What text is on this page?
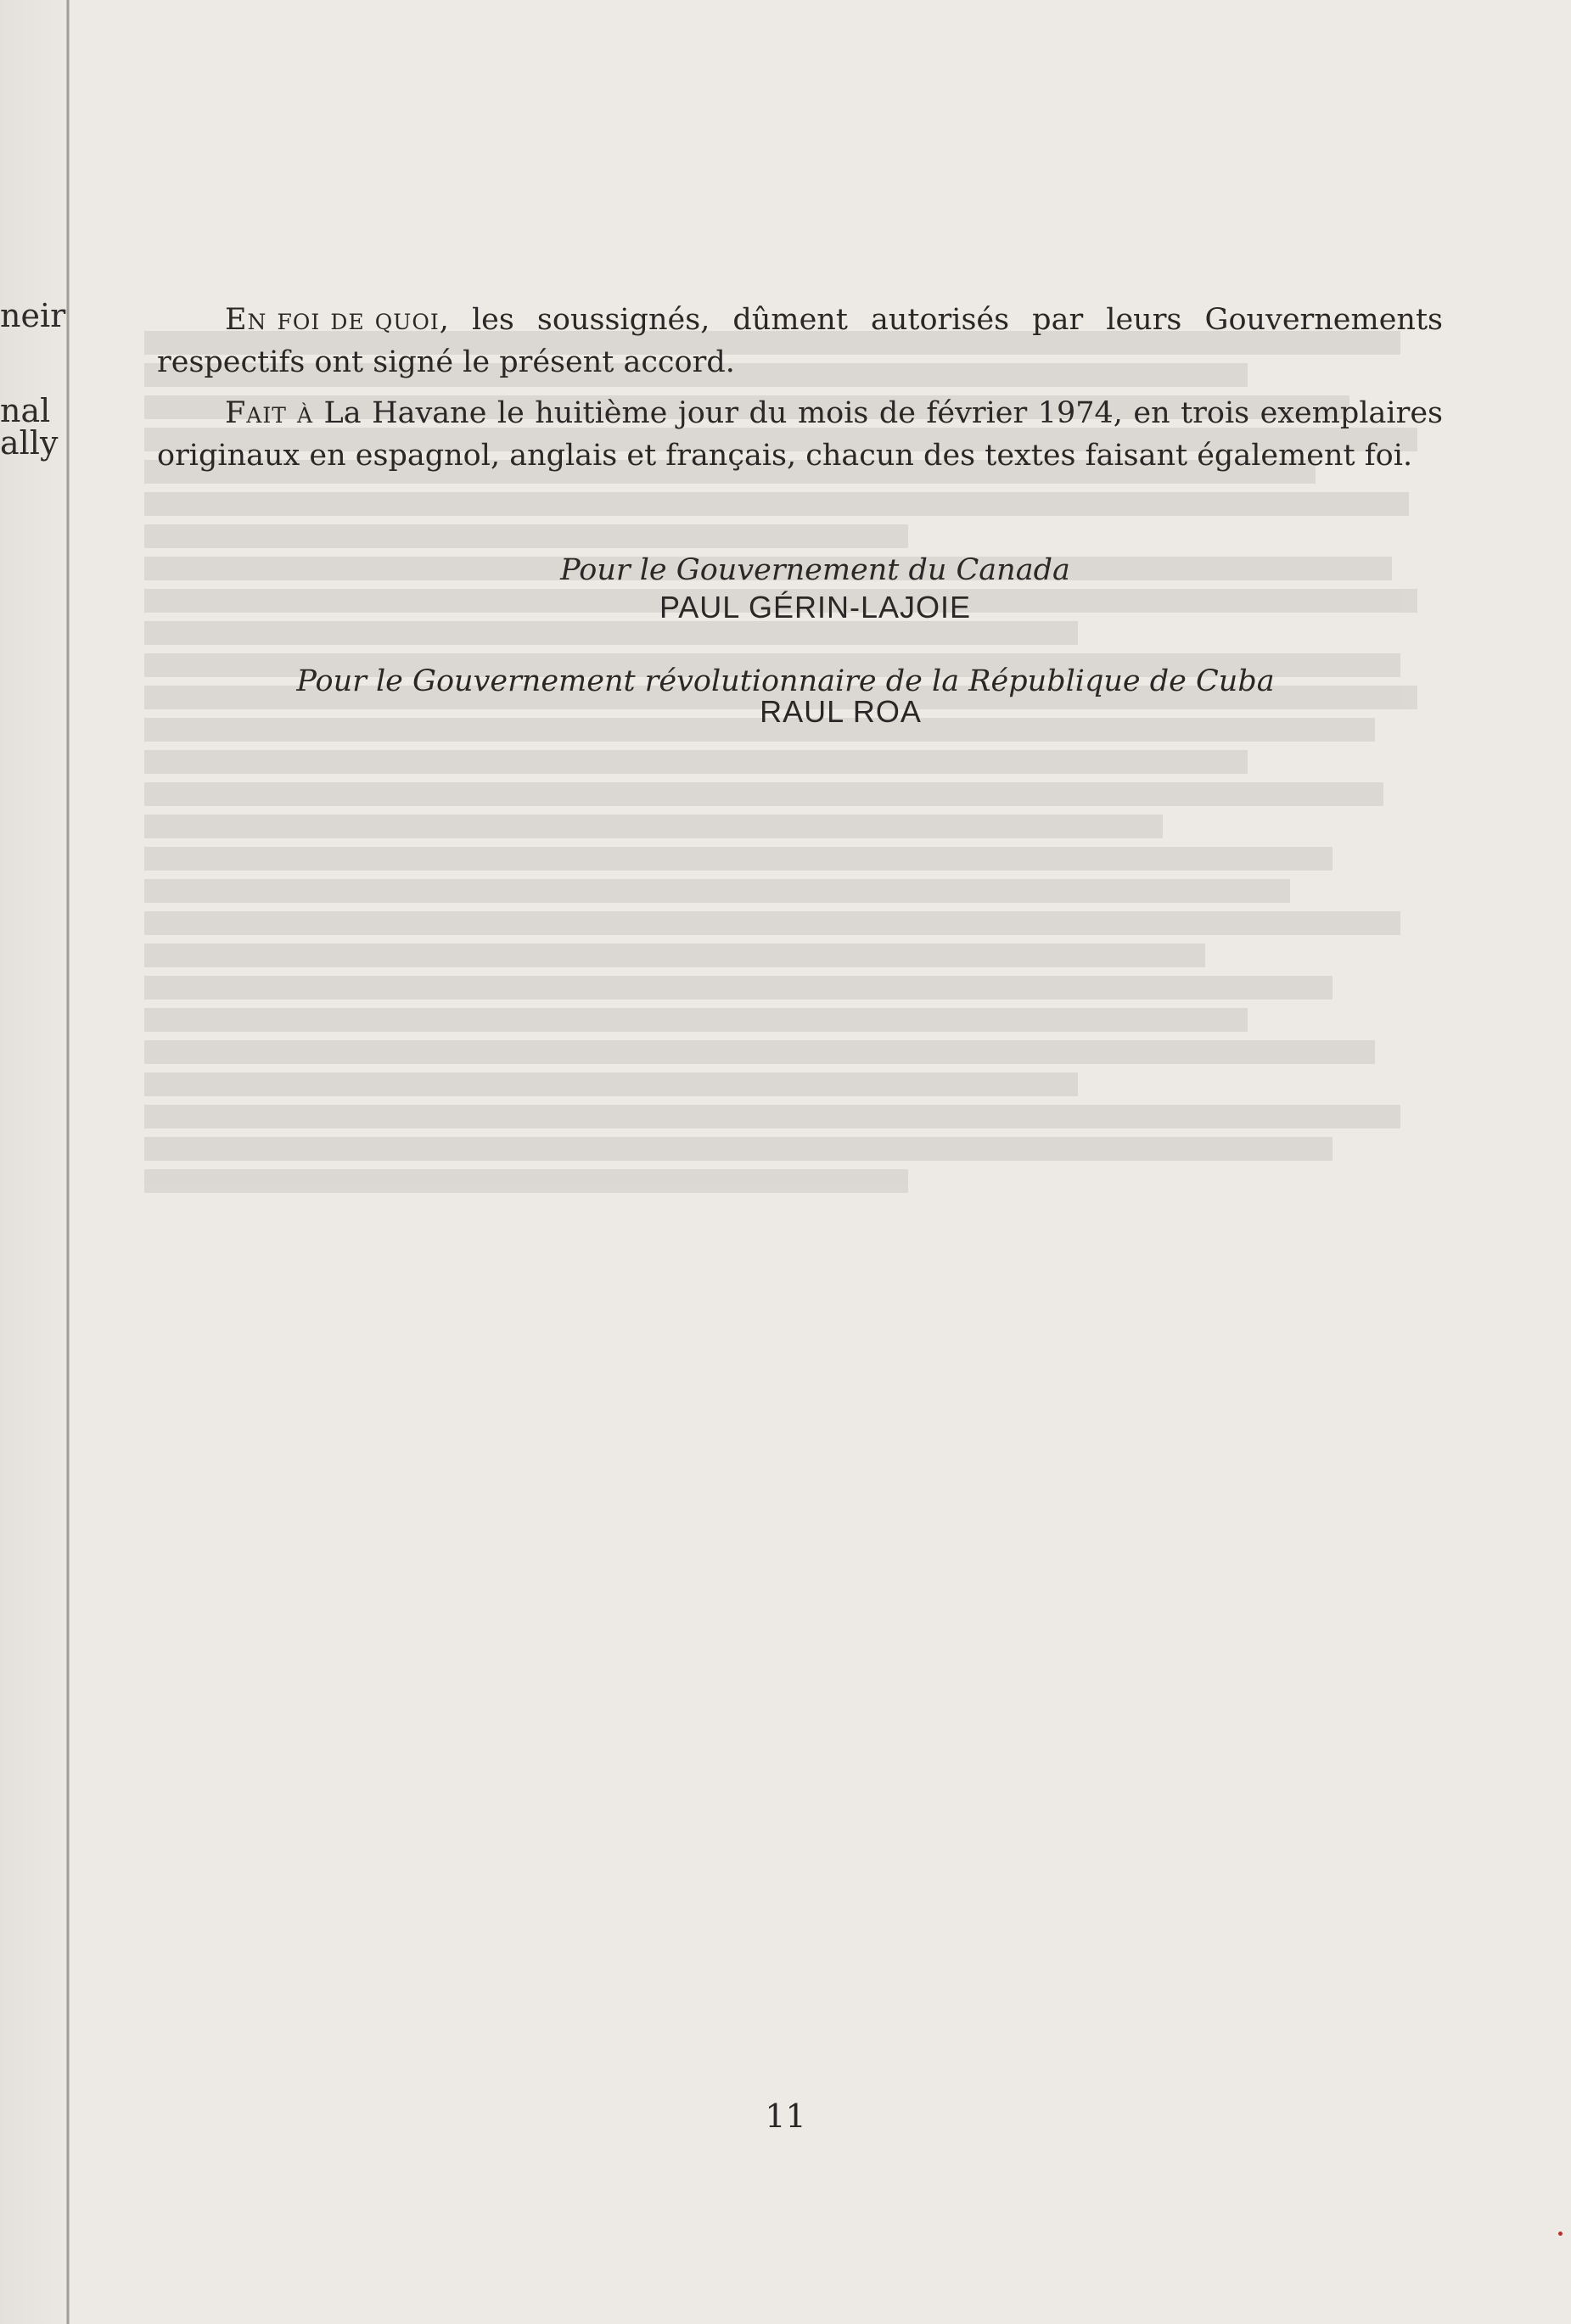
neir
nal
ally
En foi de quoi, les soussignés, dûment autorisés par leurs Gouvernements respectifs ont signé le présent accord.
Fait à La Havane le huitième jour du mois de février 1974, en trois exemplaires originaux en espagnol, anglais et français, chacun des textes faisant également foi.
Pour le Gouvernement du Canada
PAUL GÉRIN-LAJOIE
Pour le Gouvernement révolutionnaire de la République de Cuba
RAUL ROA
11
